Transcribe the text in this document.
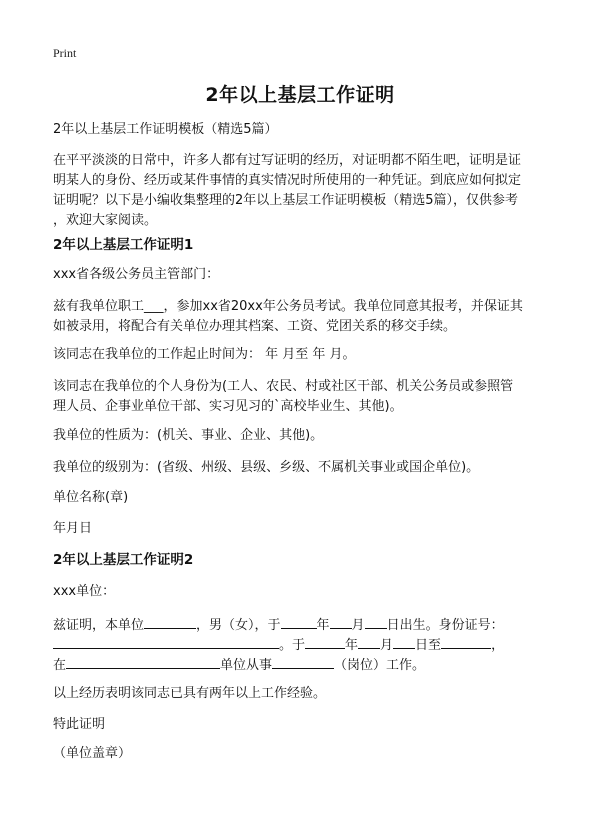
Print
2年以上基层工作证明
2年以上基层工作证明模板（精选5篇）
在平平淡淡的日常中，许多人都有过写证明的经历，对证明都不陌生吧，证明是证
明某人的身份、经历或某件事情的真实情况时所使用的一种凭证。到底应如何拟定
证明呢？以下是小编收集整理的2年以上基层工作证明模板（精选5篇），仅供参考
，欢迎大家阅读。
2年以上基层工作证明1
xxx省各级公务员主管部门：
兹有我单位职工___，参加xx省20xx年公务员考试。我单位同意其报考，并保证其
如被录用，将配合有关单位办理其档案、工资、党团关系的移交手续。
该同志在我单位的工作起止时间为： 年 月至 年 月。
该同志在我单位的个人身份为(工人、农民、村或社区干部、机关公务员或参照管
理人员、企事业单位干部、实习见习的`高校毕业生、其他)。
我单位的性质为：(机关、事业、企业、其他)。
我单位的级别为：(省级、州级、县级、乡级、不属机关事业或国企单位)。
单位名称(章)
年月日
2年以上基层工作证明2
xxx单位：
兹证明，本单位	，男（女），于	年 月 日出生。身份证号：
。于	年 月 日至	，
在	单位从事	（岗位）工作。
以上经历表明该同志已具有两年以上工作经验。
特此证明
（单位盖章）
